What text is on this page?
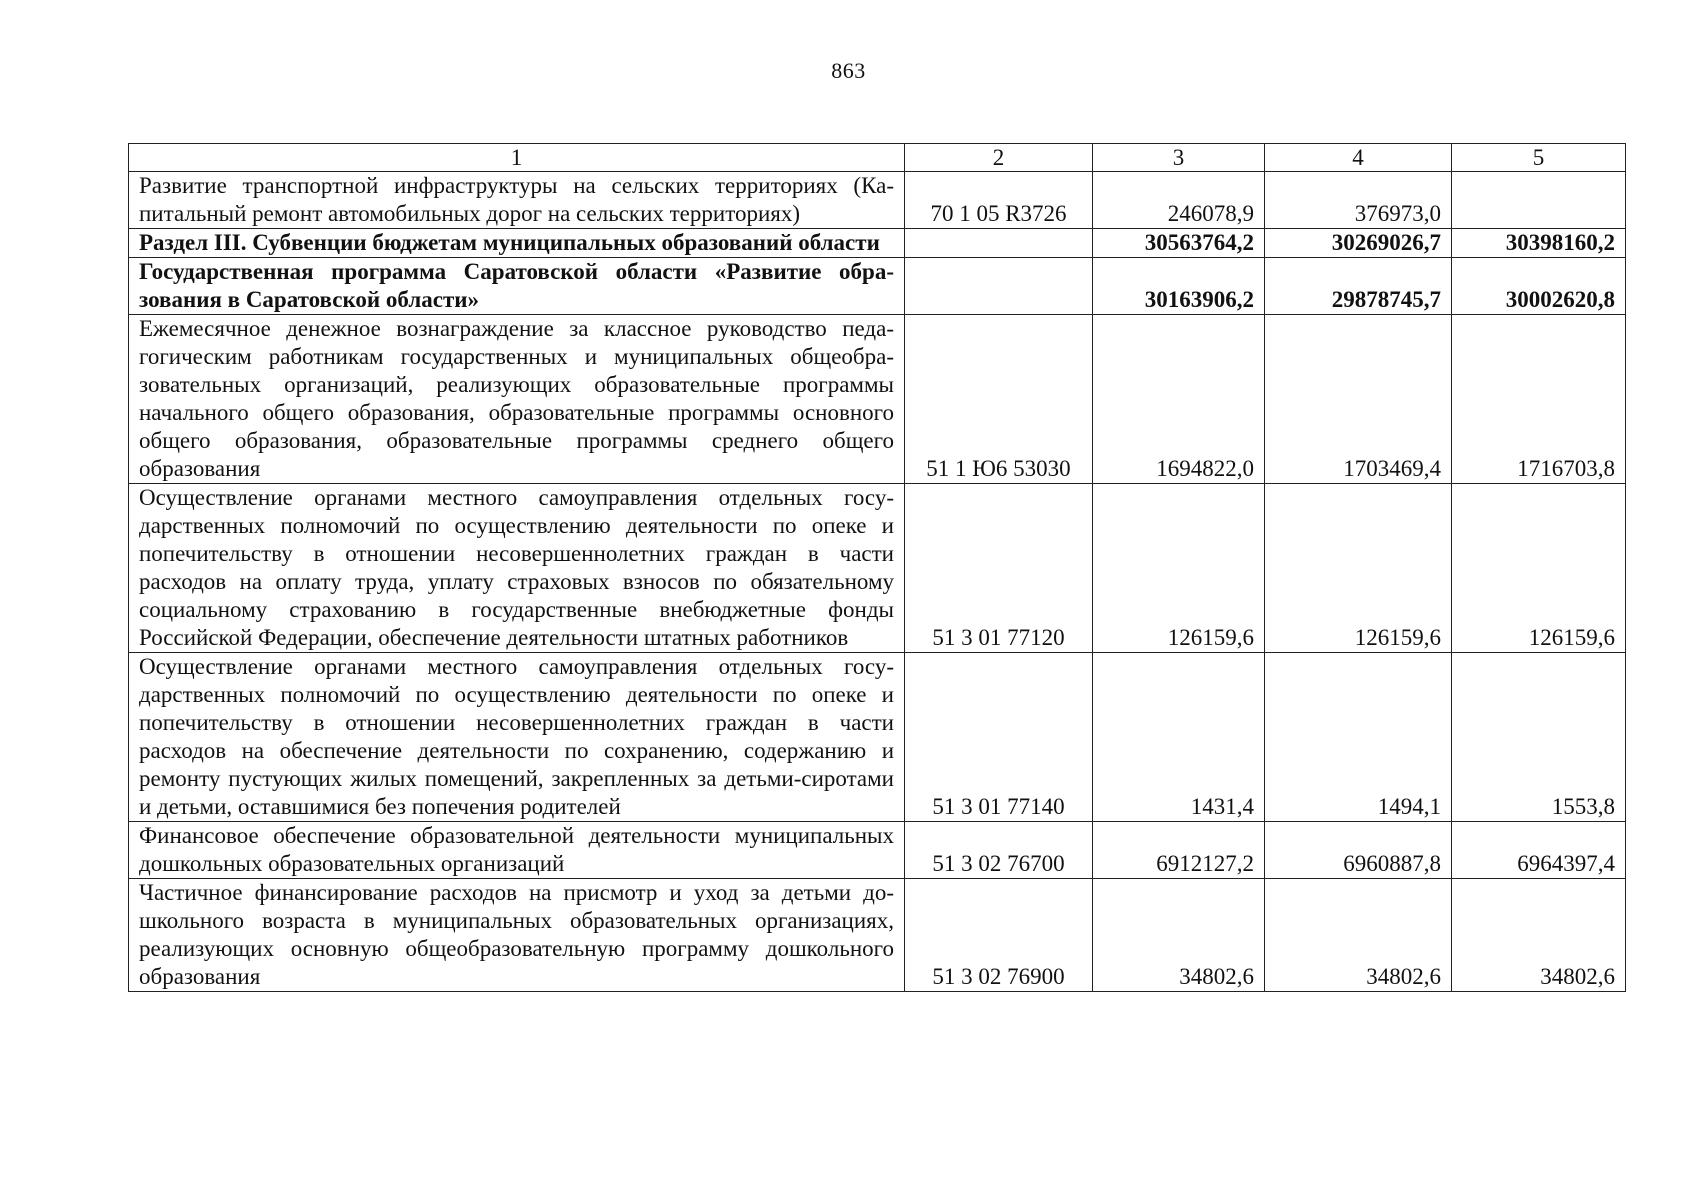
863
1	2	3	4	5
Развитие транспортной инфраструктуры на сельских территориях (Капитальный ремонт автомобильных дорог на сельских территориях)	70 1 05 R3726	246078,9	376973,0	
Раздел III. Субвенции бюджетам муниципальных образований области		30563764,2	30269026,7	30398160,2
Государственная программа Саратовской области «Развитие образования в Саратовской области»		30163906,2	29878745,7	30002620,8
Ежемесячное денежное вознаграждение за классное руководство педагогическим работникам государственных и муниципальных общеобразовательных организаций, реализующих образовательные программы начального общего образования, образовательные программы основного общего образования, образовательные программы среднего общего образования	51 1 Ю6 53030	1694822,0	1703469,4	1716703,8
Осуществление органами местного самоуправления отдельных государственных полномочий по осуществлению деятельности по опеке и попечительству в отношении несовершеннолетних граждан в части расходов на оплату труда, уплату страховых взносов по обязательному социальному страхованию в государственные внебюджетные фонды Российской Федерации, обеспечение деятельности штатных работников	51 3 01 77120	126159,6	126159,6	126159,6
Осуществление органами местного самоуправления отдельных государственных полномочий по осуществлению деятельности по опеке и попечительству в отношении несовершеннолетних граждан в части расходов на обеспечение деятельности по сохранению, содержанию и ремонту пустующих жилых помещений, закрепленных за детьми-сиротами и детьми, оставшимися без попечения родителей	51 3 01 77140	1431,4	1494,1	1553,8
Финансовое обеспечение образовательной деятельности муниципальных дошкольных образовательных организаций	51 3 02 76700	6912127,2	6960887,8	6964397,4
Частичное финансирование расходов на присмотр и уход за детьми дошкольного возраста в муниципальных образовательных организациях, реализующих основную общеобразовательную программу дошкольного образования	51 3 02 76900	34802,6	34802,6	34802,6
